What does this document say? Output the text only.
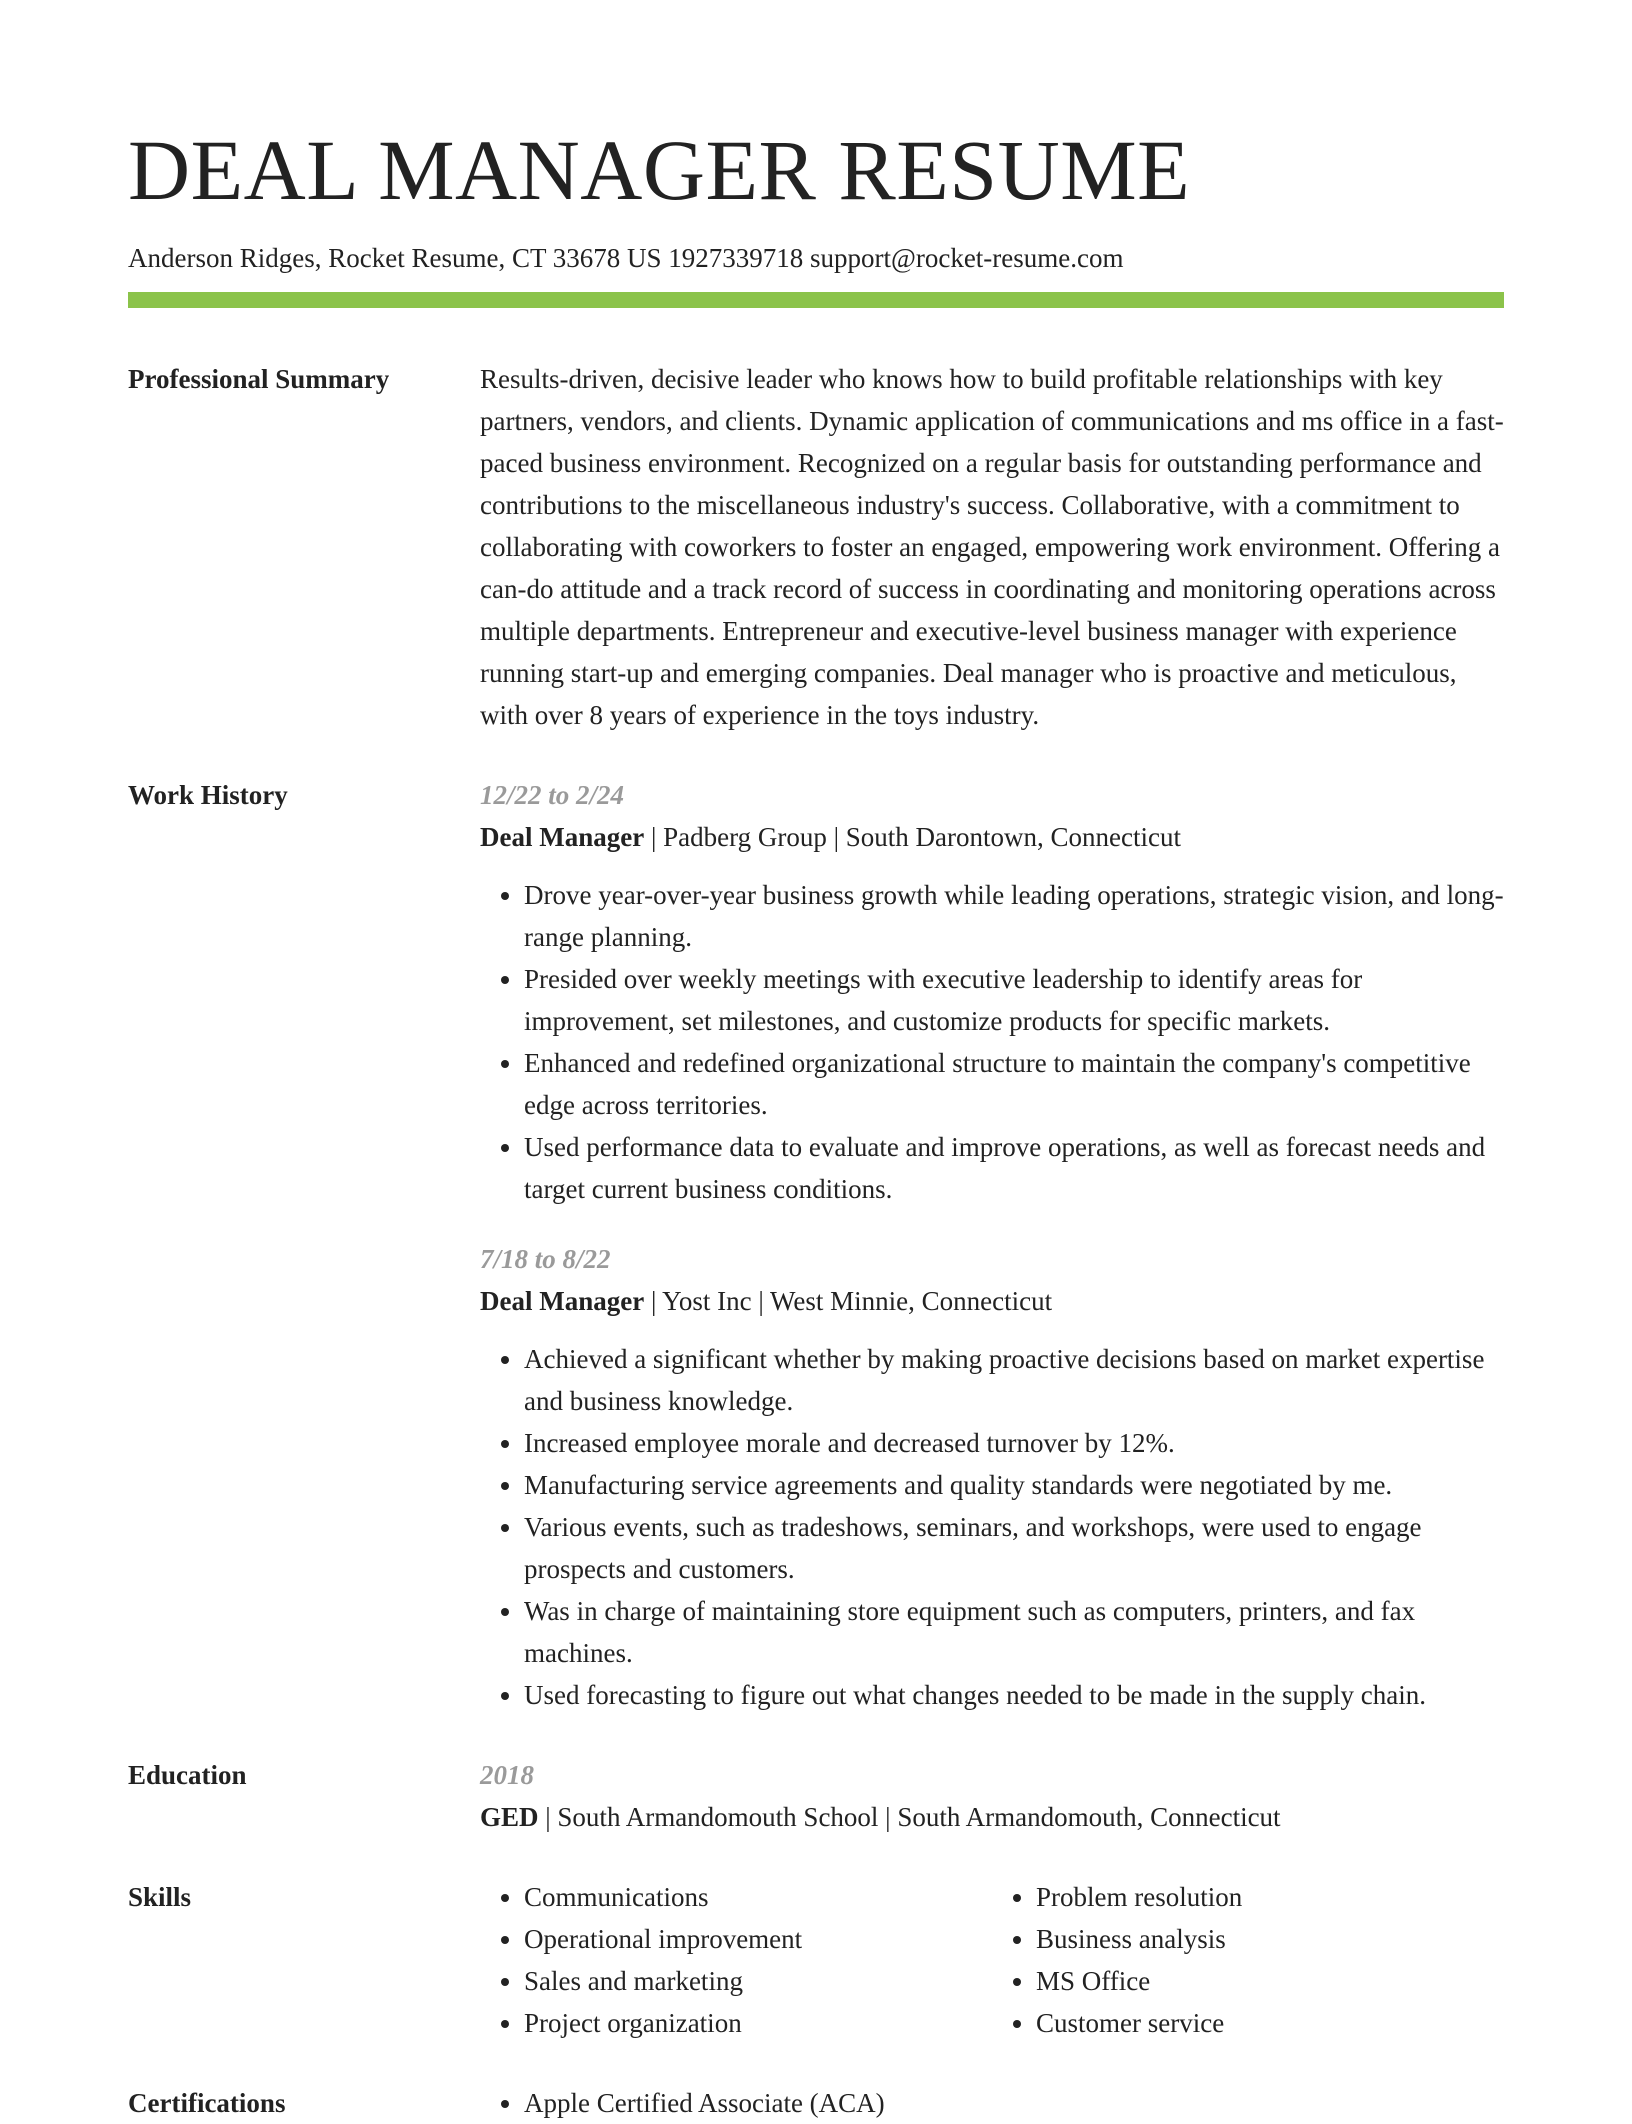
DEAL MANAGER RESUME
Anderson Ridges, Rocket Resume, CT 33678 US 1927339718 support@rocket-resume.com
Professional Summary	Results-driven, decisive leader who knows how to build profitable relationships with key partners, vendors, and clients. Dynamic application of communications and ms office in a fast-paced business environment. Recognized on a regular basis for outstanding performance and contributions to the miscellaneous industry's success. Collaborative, with a commitment to collaborating with coworkers to foster an engaged, empowering work environment. Offering a can-do attitude and a track record of success in coordinating and monitoring operations across multiple departments. Entrepreneur and executive-level business manager with experience running start-up and emerging companies. Deal manager who is proactive and meticulous, with over 8 years of experience in the toys industry.

Work History	12/22 to 2/24
Deal Manager | Padberg Group | South Darontown, Connecticut
• Drove year-over-year business growth while leading operations, strategic vision, and long-range planning.
• Presided over weekly meetings with executive leadership to identify areas for improvement, set milestones, and customize products for specific markets.
• Enhanced and redefined organizational structure to maintain the company's competitive edge across territories.
• Used performance data to evaluate and improve operations, as well as forecast needs and target current business conditions.
7/18 to 8/22
Deal Manager | Yost Inc | West Minnie, Connecticut
• Achieved a significant whether by making proactive decisions based on market expertise and business knowledge.
• Increased employee morale and decreased turnover by 12%.
• Manufacturing service agreements and quality standards were negotiated by me.
• Various events, such as tradeshows, seminars, and workshops, were used to engage prospects and customers.
• Was in charge of maintaining store equipment such as computers, printers, and fax machines.
• Used forecasting to figure out what changes needed to be made in the supply chain.
Education	2018
GED | South Armandomouth School | South Armandomouth, Connecticut
Skills	• Communications
• Operational improvement
• Sales and marketing
• Project organization
• Problem resolution
• Business analysis
• MS Office
• Customer service
Certifications	• Apple Certified Associate (ACA)
